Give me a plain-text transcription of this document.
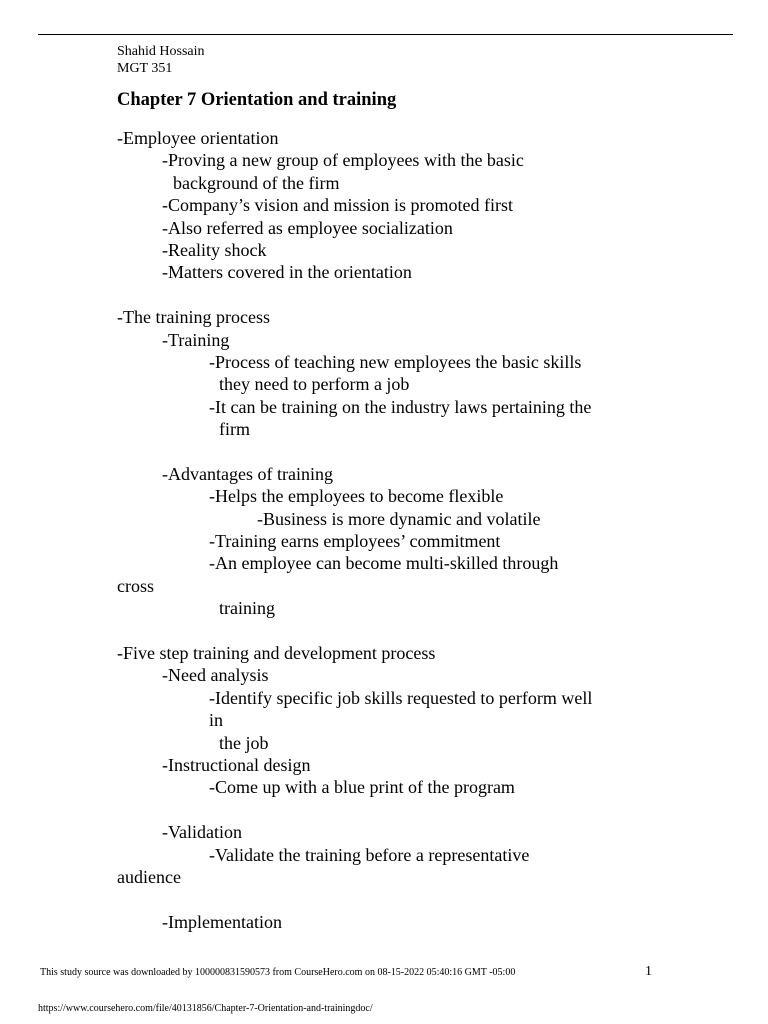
Shahid Hossain
MGT 351
Chapter 7 Orientation and training
-Employee orientation
-Proving a new group of employees with the basic
background of the firm
-Company’s vision and mission is promoted first
-Also referred as employee socialization
-Reality shock
-Matters covered in the orientation
-The training process
-Training
-Process of teaching new employees the basic skills
they need to perform a job
-It can be training on the industry laws pertaining the
firm
-Advantages of training
-Helps the employees to become flexible
-Business is more dynamic and volatile
-Training earns employees’ commitment
-An employee can become multi-skilled through
cross
training
-Five step training and development process
-Need analysis
-Identify specific job skills requested to perform well
in
the job
-Instructional design
-Come up with a blue print of the program
-Validation
-Validate the training before a representative
audience
-Implementation
This study source was downloaded by 100000831590573 from CourseHero.com on 08-15-2022 05:40:16 GMT -05:00	1
https://www.coursehero.com/file/40131856/Chapter-7-Orientation-and-trainingdoc/
